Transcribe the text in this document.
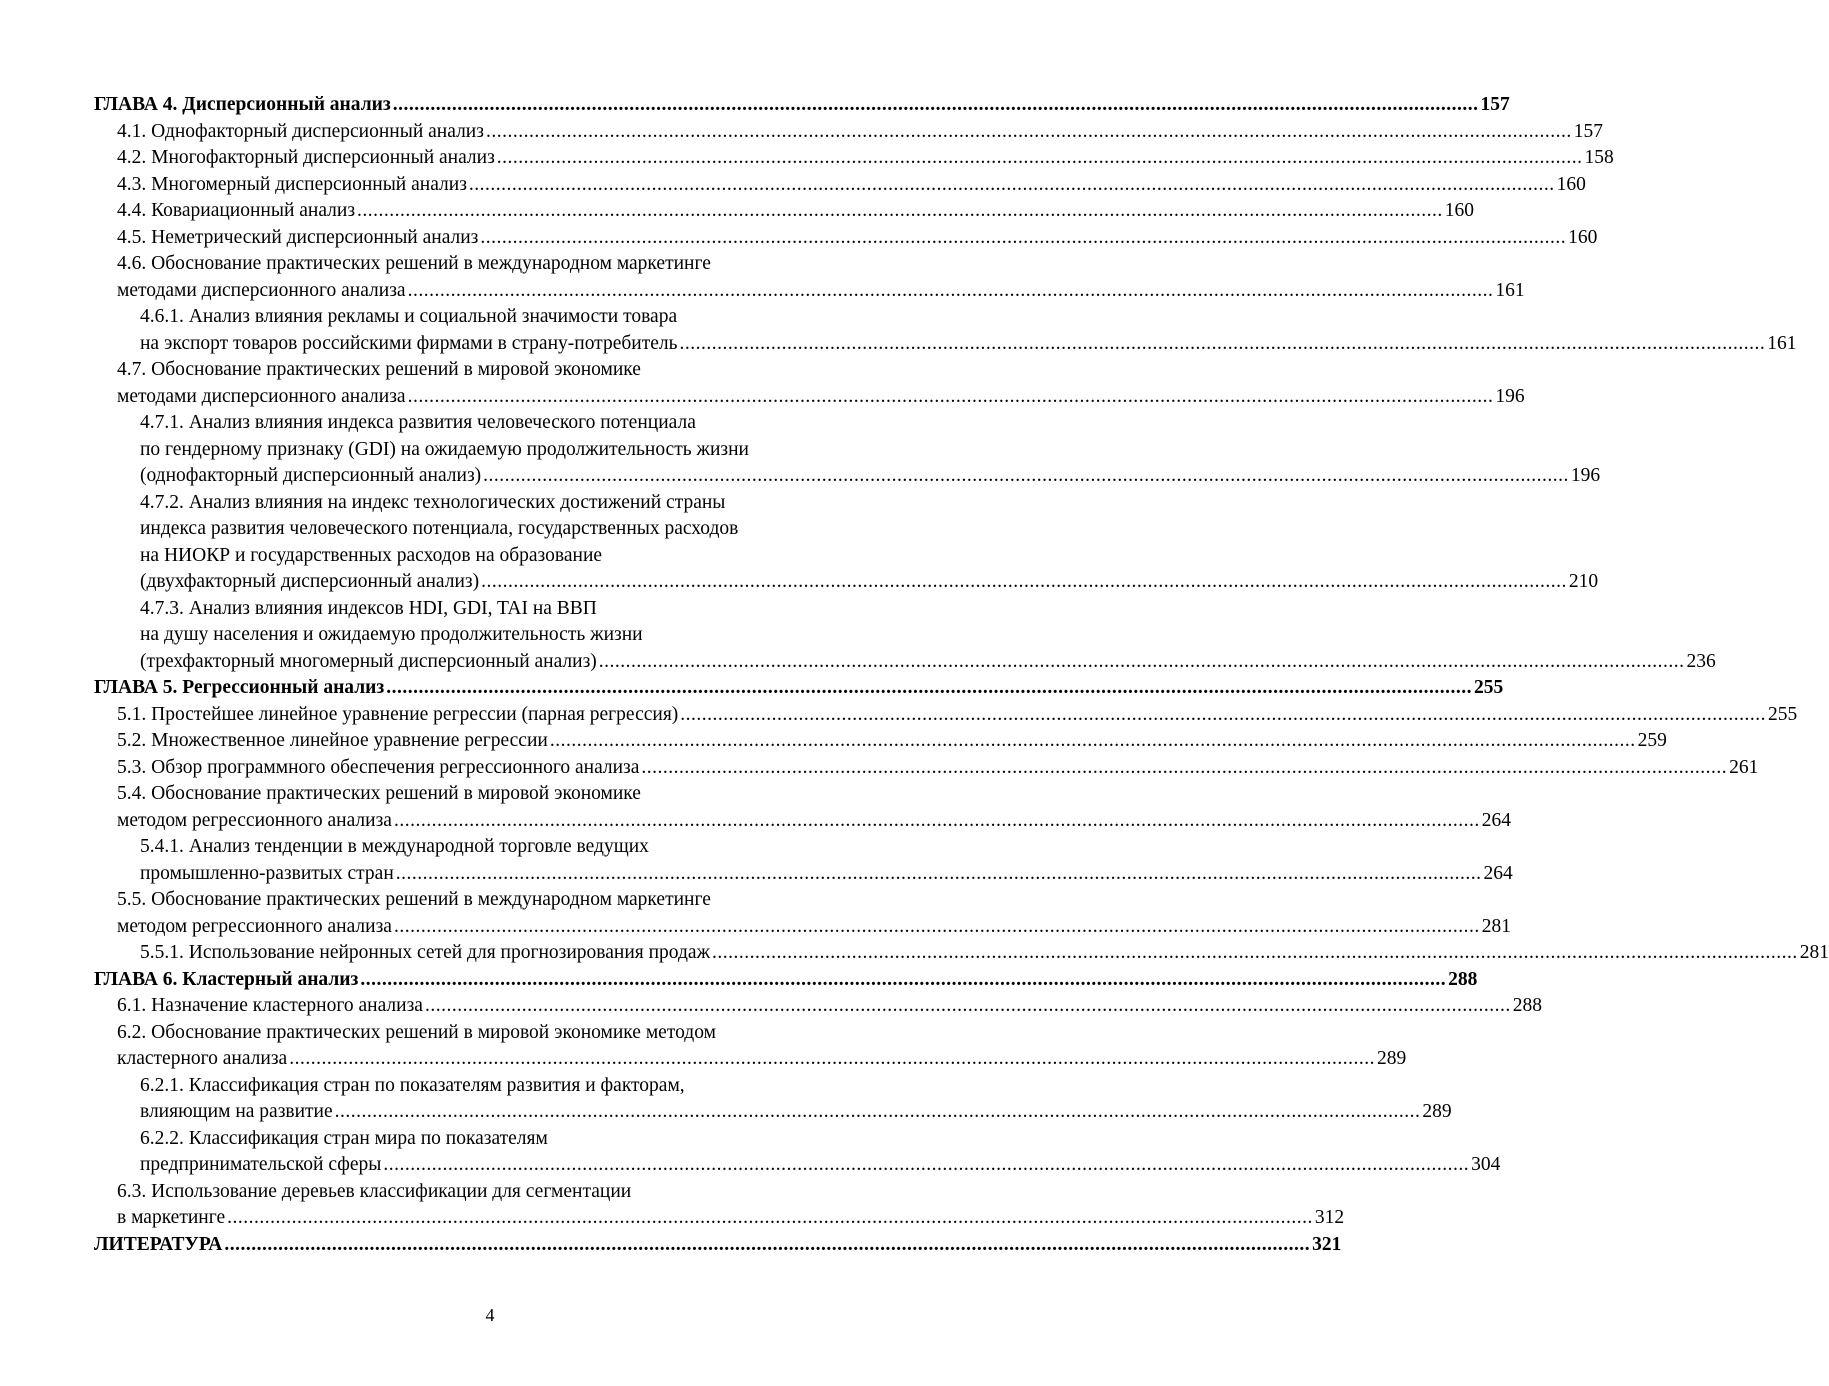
ГЛАВА 4. Дисперсионный анализ .....	157
4.1. Однофакторный дисперсионный анализ .....	157
4.2. Многофакторный дисперсионный анализ .....	158
4.3. Многомерный дисперсионный анализ .....	160
4.4. Ковариационный анализ .....	160
4.5. Неметрический дисперсионный анализ .....	160
4.6. Обоснование практических решений в международном маркетинге
методами дисперсионного анализа .....	161
4.6.1. Анализ влияния рекламы и социальной значимости товара
на экспорт товаров российскими фирмами в страну-потребитель .....	161
4.7. Обоснование практических решений в мировой экономике
методами дисперсионного анализа .....	196
4.7.1. Анализ влияния индекса развития человеческого потенциала
по гендерному признаку (GDI) на ожидаемую продолжительность жизни
(однофакторный дисперсионный анализ) .....	196
4.7.2. Анализ влияния на индекс технологических достижений страны
индекса развития человеческого потенциала, государственных расходов
на НИОКР и государственных расходов на образование
(двухфакторный дисперсионный анализ) .....	210
4.7.3. Анализ влияния индексов HDI, GDI, TAI на ВВП
на душу населения и ожидаемую продолжительность жизни
(трехфакторный многомерный дисперсионный анализ) .....	236
ГЛАВА 5. Регрессионный анализ .....	255
5.1. Простейшее линейное уравнение регрессии (парная регрессия) .....	255
5.2. Множественное линейное уравнение регрессии .....	259
5.3. Обзор программного обеспечения регрессионного анализа .....	261
5.4. Обоснование практических решений в мировой экономике
методом регрессионного анализа .....	264
5.4.1. Анализ тенденции в международной торговле ведущих
промышленно-развитых стран .....	264
5.5. Обоснование практических решений в международном маркетинге
методом регрессионного анализа .....	281
5.5.1. Использование нейронных сетей для прогнозирования продаж .....	281
ГЛАВА 6. Кластерный анализ .....	288
6.1. Назначение кластерного анализа .....	288
6.2. Обоснование практических решений в мировой экономике методом
кластерного анализа .....	289
6.2.1. Классификация стран по показателям развития и факторам,
влияющим на развитие .....	289
6.2.2. Классификация стран мира по показателям
предпринимательской сферы .....	304
6.3. Использование деревьев классификации для сегментации
в маркетинге .....	312
ЛИТЕРАТУРА .....	321
4
